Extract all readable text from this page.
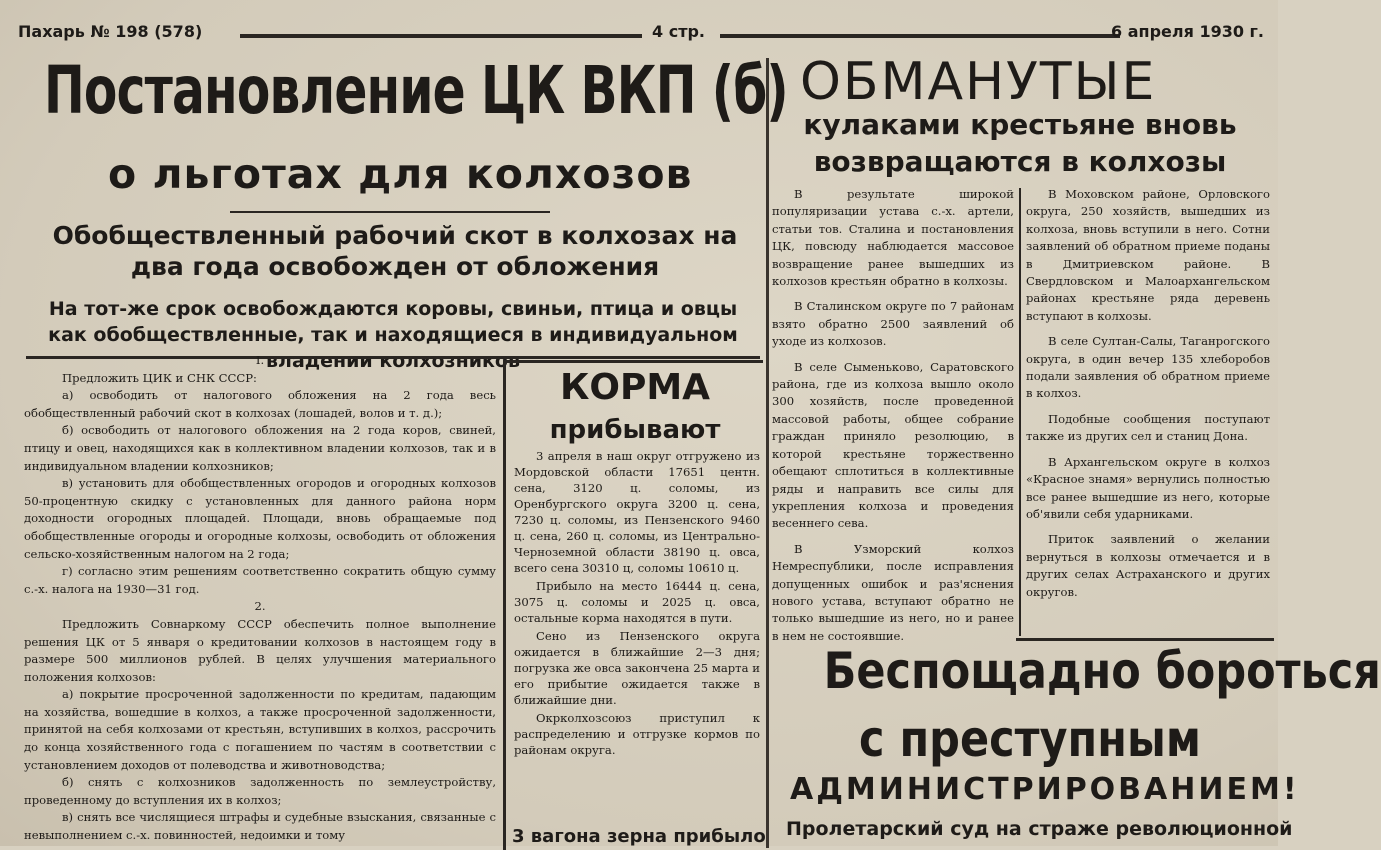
Пахарь № 198 (578)	4 стр.	6 апреля 1930 г.
Постановление ЦК ВКП (б)
о льготах для колхозов
Обобществленный рабочий скот в колхозах на два года освобожден от обложения
На тот-же срок освобождаются коровы, свиньи, птица и овцы как обобществленные, так и находящиеся в индивидуальном владении колхозников

I.

Предложить ЦИК и СНК СССР:

а) освободить от налогового обложения на 2 года весь обобществленный рабочий скот в колхозах (лошадей, волов и т. д.);

б) освободить от налогового обложения на 2 года коров, свиней, птицу и овец, находящихся как в коллективном владении колхозов, так и в индивидуальном владении колхозников;

в) установить для обобществленных огородов и огородных колхозов 50-процентную скидку с установленных для данного района норм доходности огородных площадей. Площади, вновь обращаемые под обобществленные огороды и огородные колхозы, освободить от обложения сельско-хозяйственным налогом на 2 года;

г) согласно этим решениям соответственно сократить общую сумму с.-х. налога на 1930—31 год.

2.

Предложить Совнаркому СССР обеспечить полное выполнение решения ЦК от 5 января о кредитовании колхозов в настоящем году в размере 500 миллионов рублей. В целях улучшения материального положения колхозов:

а) покрытие просроченной задолженности по кредитам, падающим на хозяйства, вошедшие в колхоз, а также просроченной задолженности, принятой на себя колхозами от крестьян, вступивших в колхоз, рассрочить до конца хозяйственного года с погашением по частям в соответствии с установлением доходов от полеводства и животноводства;

б) снять с колхозников задолженность по землеустройству, проведенному до вступления их в колхоз;

в) снять все числящиеся штрафы и судебные взыскания, связанные с невыполнением с.-х. повинностей, недоимки и тому

КОРМА
прибывают

3 апреля в наш округ отгружено из Мордовской области 17651 центн. сена, 3120 ц. соломы, из Оренбургского округа 3200 ц. сена, 7230 ц. соломы, из Пензенского 9460 ц. сена, 260 ц. соломы, из Центрально-Черноземной области 38190 ц. овса, всего сена 30310 ц, соломы 10610 ц.

Прибыло на место 16444 ц. сена, 3075 ц. соломы и 2025 ц. овса, остальные корма находятся в пути.

Сено из Пензенского округа ожидается в ближайшие 2—3 дня; погрузка же овса закончена 25 марта и его прибытие ожидается также в ближайшие дни.

Окрколхозсоюз приступил к распределению и отгрузке кормов по районам округа.

3 вагона зерна прибыло
ОБМАНУТЫЕ
кулаками крестьяне вновь
возвращаются в колхозы

В результате широкой популяризации устава с.-х. артели, статьи тов. Сталина и постановления ЦК, повсюду наблюдается массовое возвращение ранее вышедших из колхозов крестьян обратно в колхозы.

В Сталинском округе по 7 районам взято обратно 2500 заявлений об уходе из колхозов.

В селе Сыменьково, Саратовского района, где из колхоза вышло около 300 хозяйств, после проведенной массовой работы, общее собрание граждан приняло резолюцию, в которой крестьяне торжественно обещают сплотиться в коллективные ряды и направить все силы для укрепления колхоза и проведения весеннего сева.

В Узморский колхоз Немреспублики, после исправления допущенных ошибок и раз'яснения нового устава, вступают обратно не только вышедшие из него, но и ранее в нем не состоявшие.

В Моховском районе, Орловского округа, 250 хозяйств, вышедших из колхоза, вновь вступили в него. Сотни заявлений об обратном приеме поданы в Дмитриевском районе. В Свердловском и Малоархангельском районах крестьяне ряда деревень вступают в колхозы.

В селе Султан-Салы, Таганрогского округа, в один вечер 135 хлеборобов подали заявления об обратном приеме в колхоз.

Подобные сообщения поступают также из других сел и станиц Дона.

В Архангельском округе в колхоз «Красное знамя» вернулись полностью все ранее вышедшие из него, которые об'явили себя ударниками.

Приток заявлений о желании вернуться в колхозы отмечается и в других селах Астраханского и других округов.

Беспощадно бороться
с преступным
АДМИНИСТРИРОВАНИЕМ!
Пролетарский суд на страже революционной
